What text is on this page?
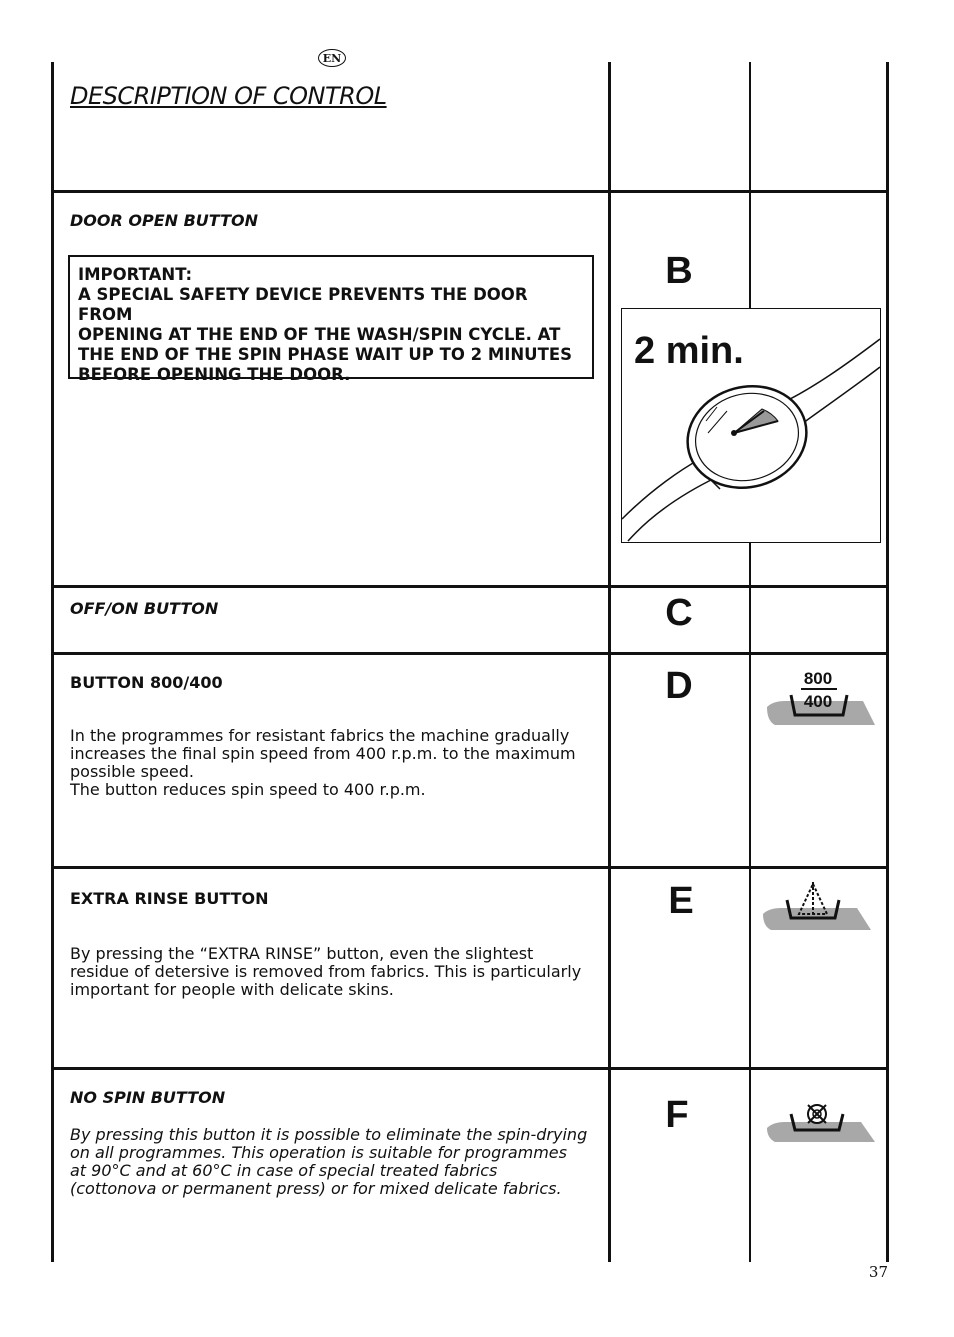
EN
DESCRIPTION OF CONTROL
DOOR OPEN BUTTON
IMPORTANT:
A SPECIAL SAFETY DEVICE PREVENTS THE DOOR FROM
OPENING AT THE END OF THE WASH/SPIN CYCLE. AT
THE END OF THE SPIN PHASE WAIT UP TO 2 MINUTES
BEFORE OPENING THE DOOR.
B
2 min.
OFF/ON BUTTON	C
BUTTON 800/400
In the programmes for resistant fabrics the machine gradually
increases the final spin speed from 400 r.p.m. to the maximum
possible speed.
The button reduces spin speed to 400 r.p.m.
D	800
400
EXTRA RINSE BUTTON
By pressing the “EXTRA RINSE” button, even the slightest
residue of detersive is removed from fabrics. This is particularly
important for people with delicate skins.
E
NO SPIN BUTTON
By pressing this button it is possible to eliminate the spin-drying
on all programmes. This operation is suitable for programmes
at 90°C and at 60°C in case of special treated fabrics
(cottonova or permanent press) or for mixed delicate fabrics.
F
37
